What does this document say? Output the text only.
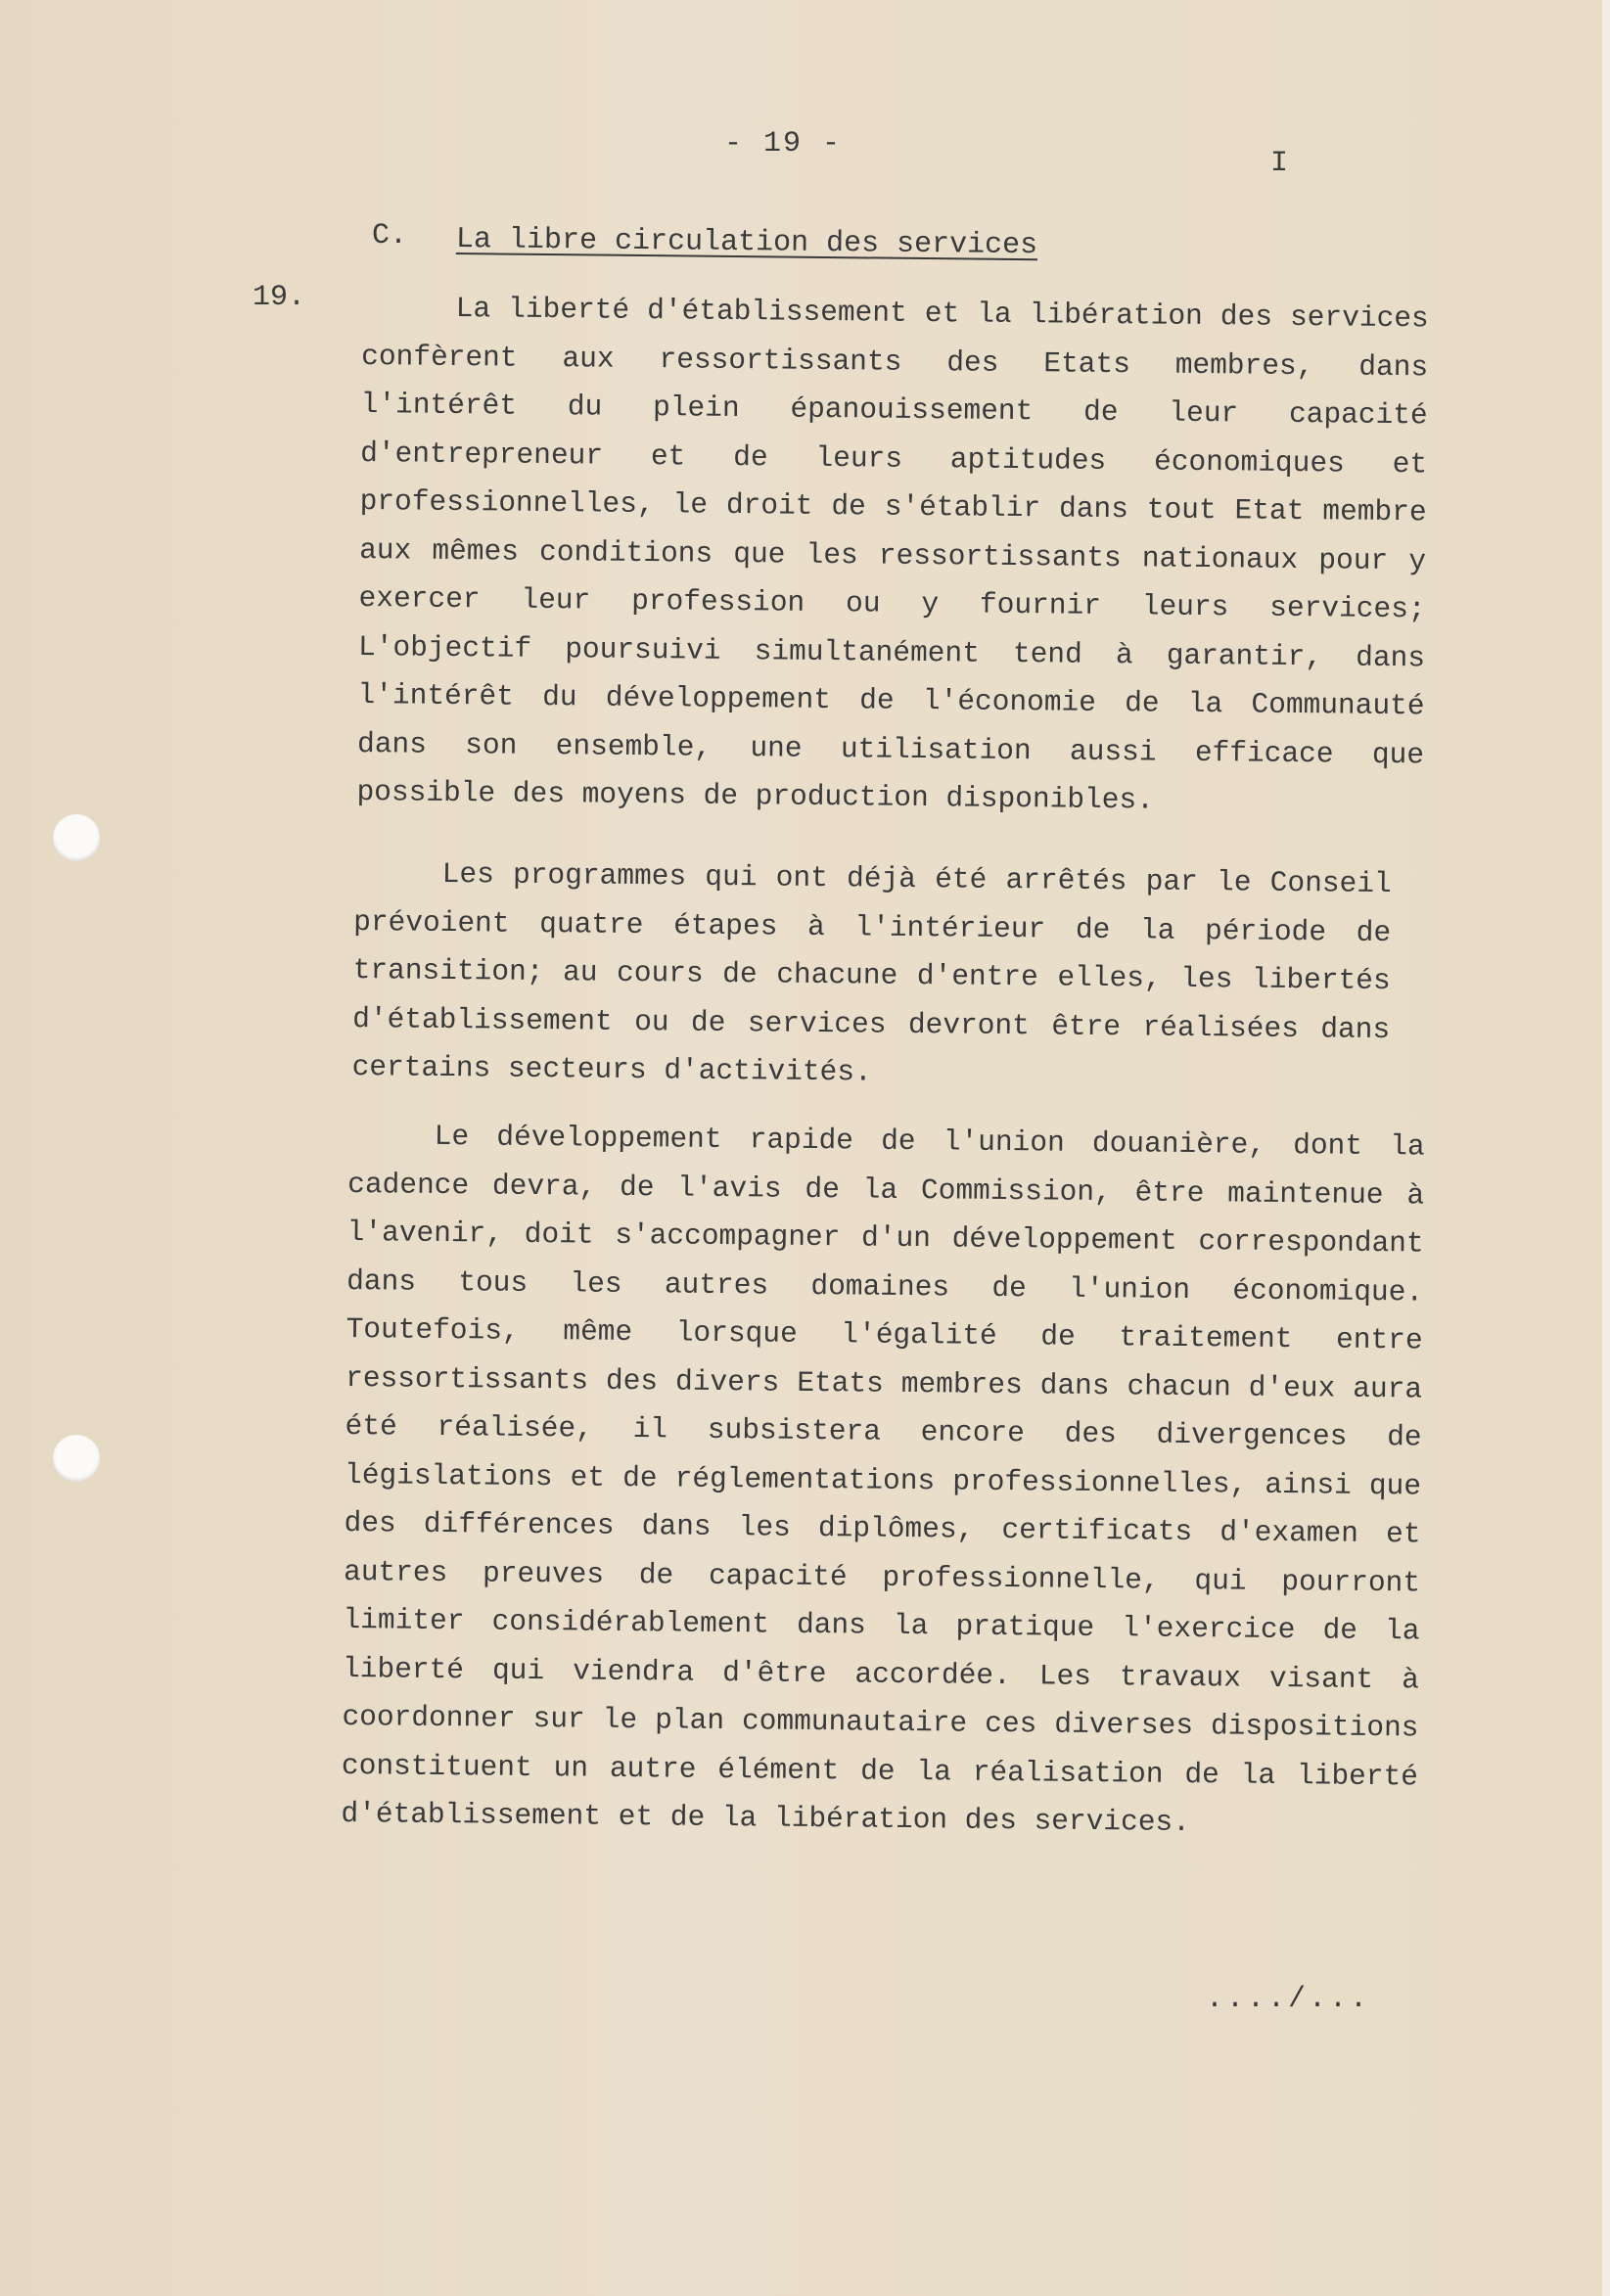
- 19 -
I
C. La libre circulation des services
19.	La liberté d'établissement et la libération des services confèrent aux ressortissants des Etats membres, dans l'intérêt du plein épanouissement de leur capacité d'entrepreneur et de leurs aptitudes économiques et professionnelles, le droit de s'établir dans tout Etat membre aux mêmes conditions que les ressortissants nationaux pour y exercer leur profession ou y fournir leurs services; L'objectif poursuivi simultanément tend à garantir, dans l'intérêt du développement de l'économie de la Communauté dans son ensemble, une utilisation aussi efficace que possible des moyens de production disponibles.
Les programmes qui ont déjà été arrêtés par le Conseil prévoient quatre étapes à l'intérieur de la période de transition; au cours de chacune d'entre elles, les libertés d'établissement ou de services devront être réalisées dans certains secteurs d'activités.
Le développement rapide de l'union douanière, dont la cadence devra, de l'avis de la Commission, être maintenue à l'avenir, doit s'accompagner d'un développement correspondant dans tous les autres domaines de l'union économique. Toutefois, même lorsque l'égalité de traitement entre ressortissants des divers Etats membres dans chacun d'eux aura été réalisée, il subsistera encore des divergences de législations et de réglementations professionnelles, ainsi que des différences dans les diplômes, certificats d'examen et autres preuves de capacité professionnelle, qui pourront limiter considérablement dans la pratique l'exercice de la liberté qui viendra d'être accordée. Les travaux visant à coordonner sur le plan communautaire ces diverses dispositions constituent un autre élément de la réalisation de la liberté d'établissement et de la libération des services.
..../...
